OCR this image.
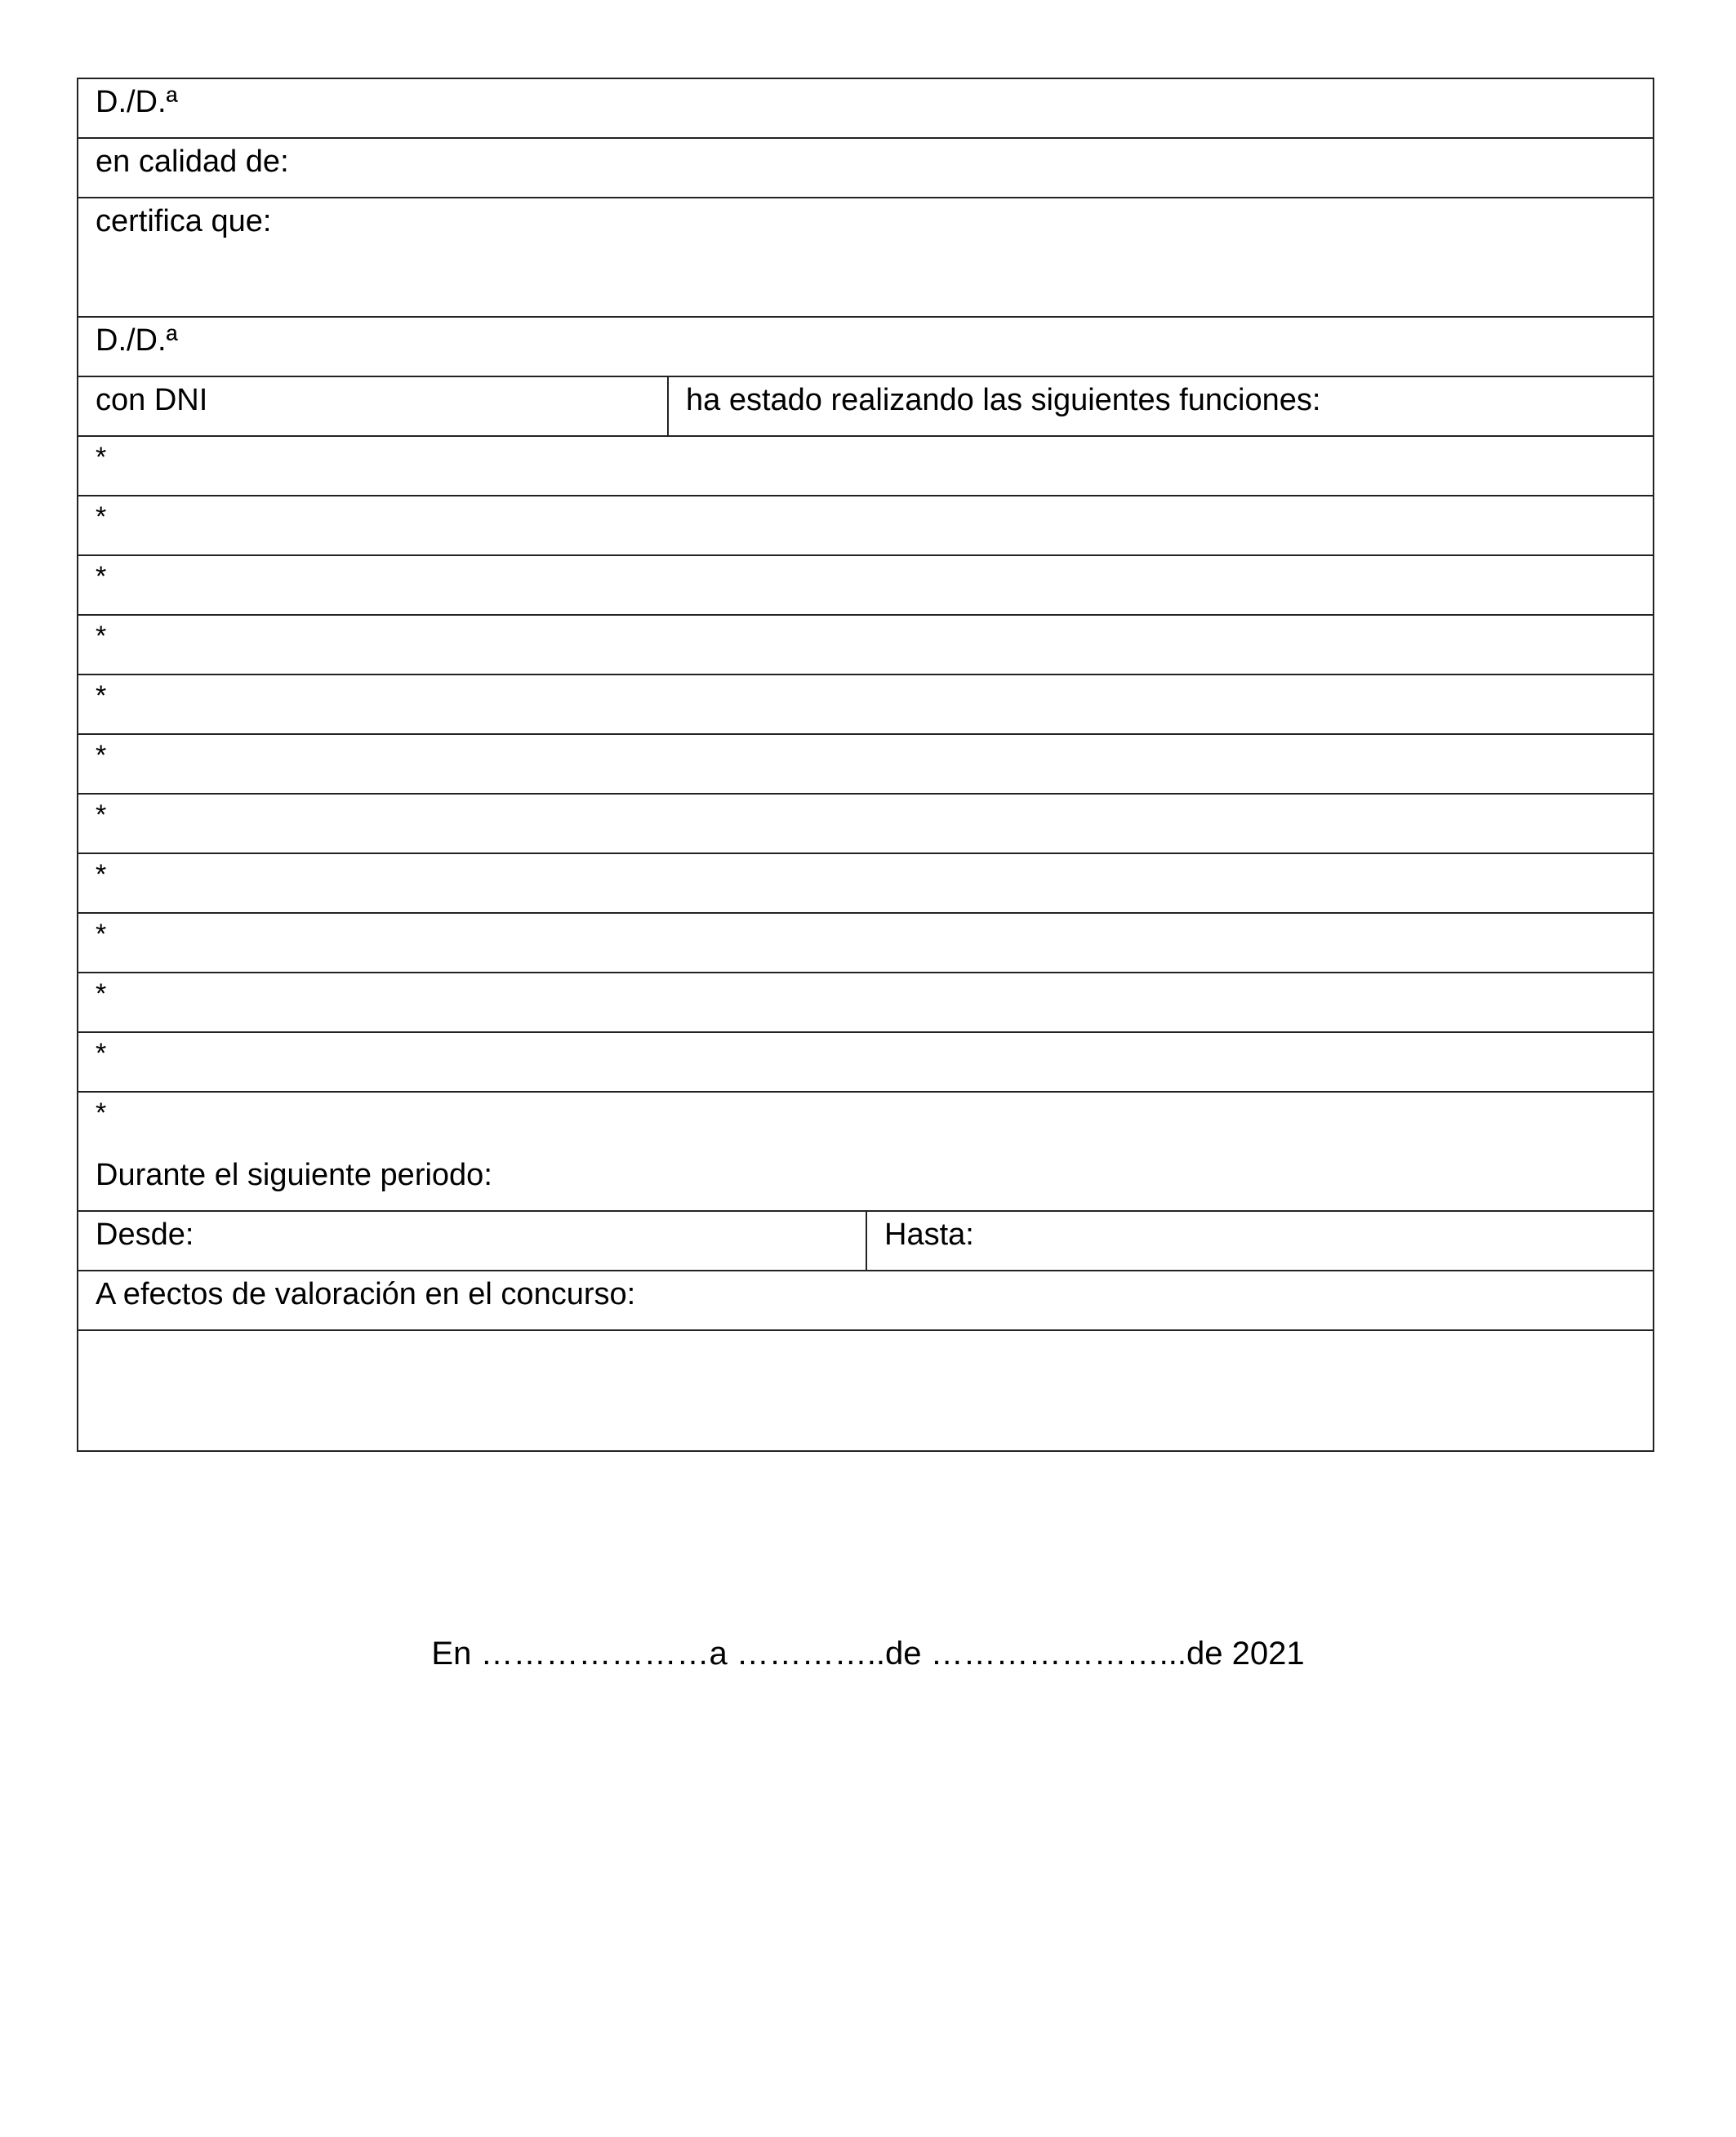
D./D.ª
en calidad de:
certifica que:
D./D.ª
con DNI	ha estado realizando las siguientes funciones:
*
*
*
*
*
*
*
*
*
*
*
*
Durante el siguiente periodo:
Desde:	Hasta:
A efectos de valoración en el concurso:
En …………………a …………..de …………………...de 2021
